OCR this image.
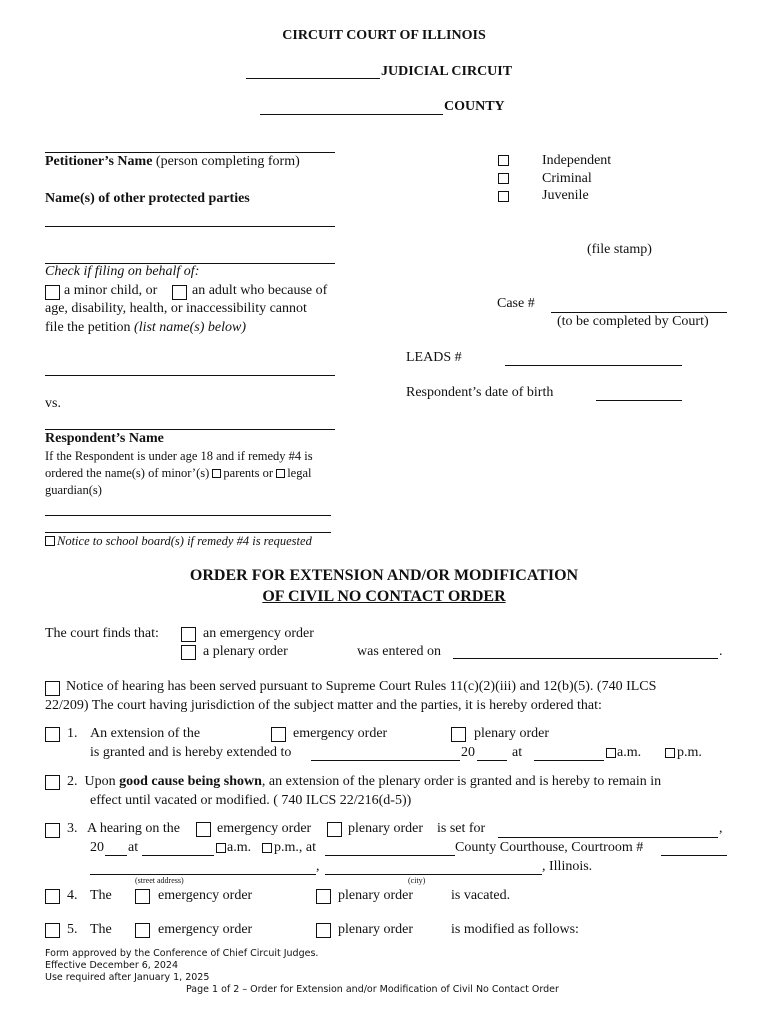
CIRCUIT COURT OF ILLINOIS
JUDICIAL CIRCUIT
COUNTY
Petitioner’s Name (person completing form)
Name(s) of other protected parties
Check if filing on behalf of:
a minor child, or an adult who because of
age, disability, health, or inaccessibility cannot
file the petition (list name(s) below)
vs.
Respondent’s Name
If the Respondent is under age 18 and if remedy #4 is
ordered the name(s) of minor’(s) parents or legal
guardian(s)
Notice to school board(s) if remedy #4 is requested
Independent
Criminal
Juvenile
(file stamp)
Case #
(to be completed by Court)
LEADS #
Respondent’s date of birth
ORDER FOR EXTENSION AND/OR MODIFICATION
OF CIVIL NO CONTACT ORDER
The court finds that:	an emergency order
a plenary order	was entered on	.
Notice of hearing has been served pursuant to Supreme Court Rules 11(c)(2)(iii) and 12(b)(5). (740 ILCS
22/209) The court having jurisdiction of the subject matter and the parties, it is hereby ordered that:
1. An extension of the	emergency order	plenary order
is granted and is hereby extended to	20	at	a.m.	p.m.
2. Upon good cause being shown, an extension of the plenary order is granted and is hereby to remain in
effect until vacated or modified. ( 740 ILCS 22/216(d-5))
3. A hearing on the	emergency order	plenary order is set for	,
20 at	a.m. p.m., at	County Courthouse, Courtroom #
,	, Illinois.
(street address)	(city)
4. The	emergency order	plenary order	is vacated.
5. The	emergency order	plenary order	is modified as follows:
Form approved by the Conference of Chief Circuit Judges.
Effective December 6, 2024
Use required after January 1, 2025
Page 1 of 2 – Order for Extension and/or Modification of Civil No Contact Order
